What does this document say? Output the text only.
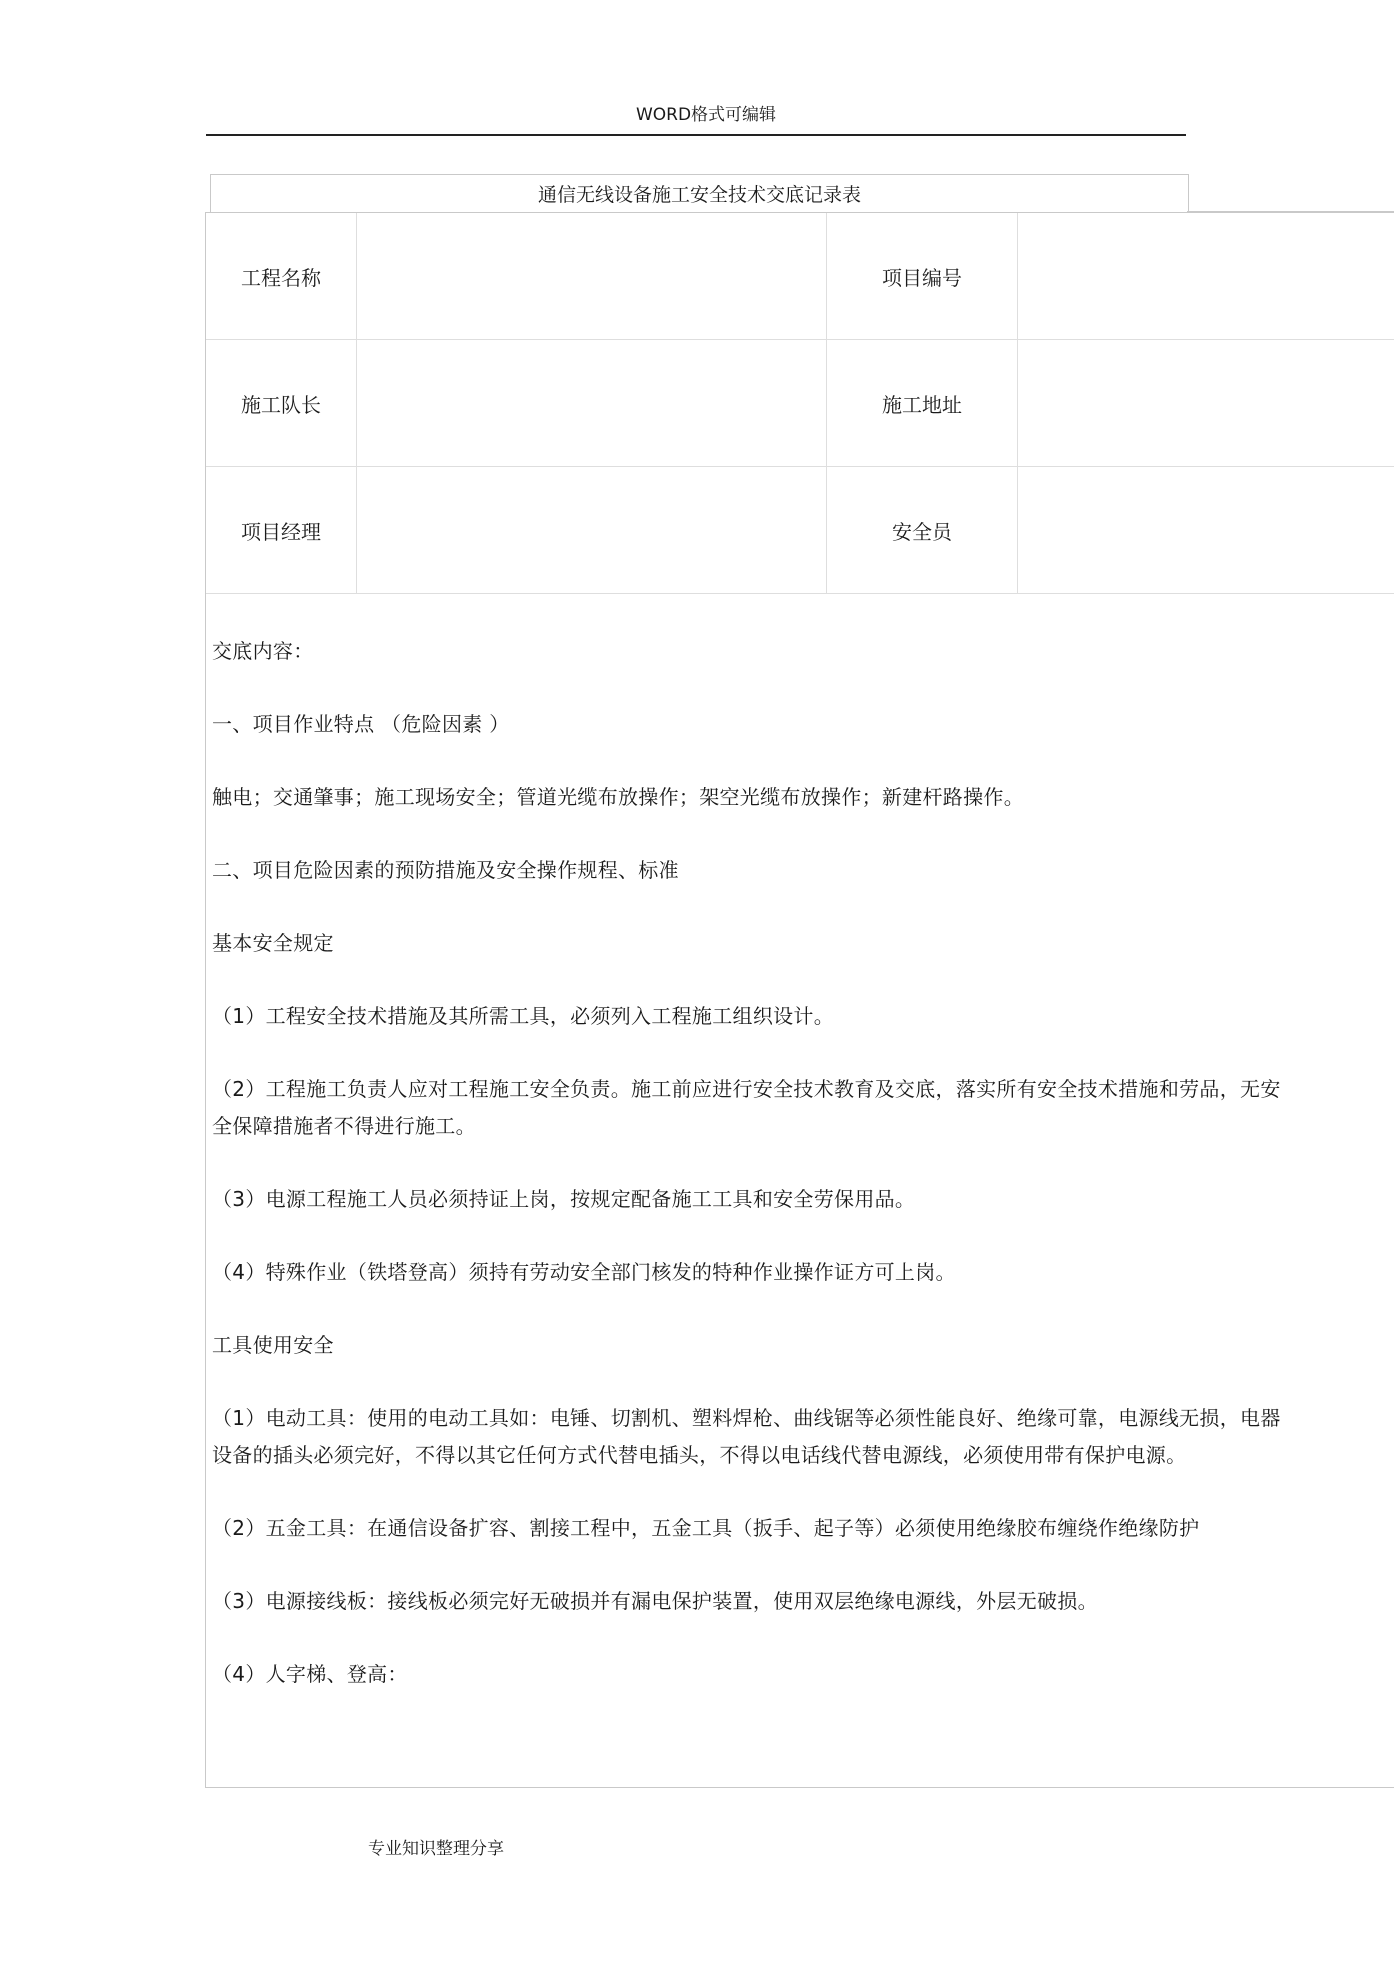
WORD格式可编辑
通信无线设备施工安全技术交底记录表
工程名称	项目编号
施工队长	施工地址
项目经理	安全员

交底内容：

一、项目作业特点 （危险因素 ）

触电；交通肇事；施工现场安全；管道光缆布放操作；架空光缆布放操作；新建杆路操作。

二、项目危险因素的预防措施及安全操作规程、标准

基本安全规定

（1）工程安全技术措施及其所需工具，必须列入工程施工组织设计。

（2）工程施工负责人应对工程施工安全负责。施工前应进行安全技术教育及交底，落实所有安全技术措施和劳品，无安全保障措施者不得进行施工。

（3）电源工程施工人员必须持证上岗，按规定配备施工工具和安全劳保用品。

（4）特殊作业（铁塔登高）须持有劳动安全部门核发的特种作业操作证方可上岗。

工具使用安全

（1）电动工具：使用的电动工具如：电锤、切割机、塑料焊枪、曲线锯等必须性能良好、绝缘可靠，电源线无损，电器设备的插头必须完好，不得以其它任何方式代替电插头，不得以电话线代替电源线，必须使用带有保护电源。

（2）五金工具：在通信设备扩容、割接工程中，五金工具（扳手、起子等）必须使用绝缘胶布缠绕作绝缘防护

（3）电源接线板：接线板必须完好无破损并有漏电保护装置，使用双层绝缘电源线，外层无破损。

（4）人字梯、登高：

专业知识整理分享
